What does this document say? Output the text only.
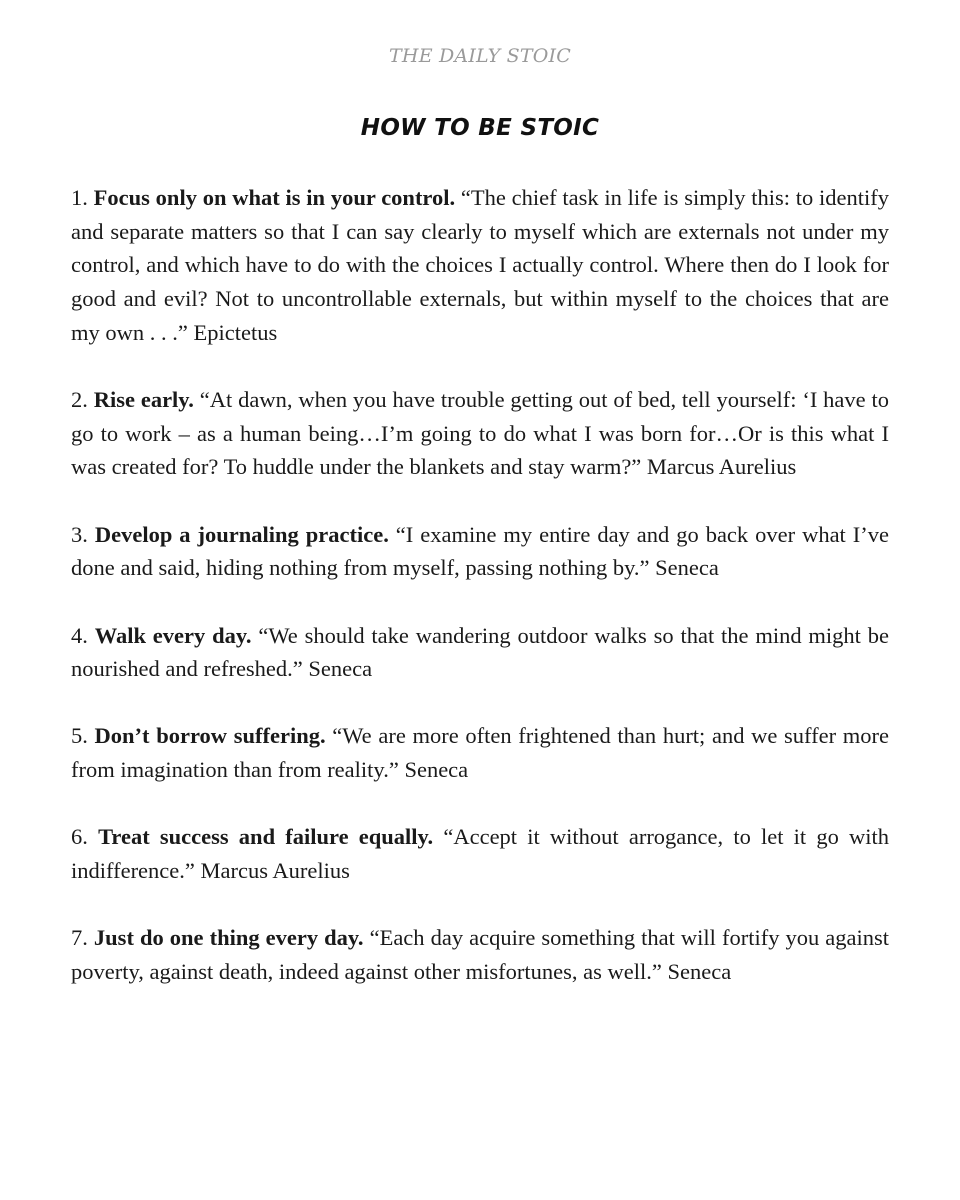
THE DAILY STOIC
HOW TO BE STOIC

1. Focus only on what is in your control. “The chief task in life is simply this: to identify and separate matters so that I can say clearly to myself which are externals not under my control, and which have to do with the choices I actually control. Where then do I look for good and evil? Not to uncontrollable externals, but within myself to the choices that are my own . . .” Epictetus

2. Rise early. “At dawn, when you have trouble getting out of bed, tell yourself: ‘I have to go to work – as a human being…I’m going to do what I was born for…Or is this what I was created for? To huddle under the blankets and stay warm?” Marcus Aurelius

3. Develop a journaling practice. “I examine my entire day and go back over what I’ve done and said, hiding nothing from myself, passing nothing by.” Seneca

4. Walk every day. “We should take wandering outdoor walks so that the mind might be nourished and refreshed.” Seneca

5. Don’t borrow suffering. “We are more often frightened than hurt; and we suffer more from imagination than from reality.” Seneca

6. Treat success and failure equally. “Accept it without arrogance, to let it go with indifference.” Marcus Aurelius

7. Just do one thing every day. “Each day acquire something that will fortify you against poverty, against death, indeed against other misfortunes, as well.” Seneca
